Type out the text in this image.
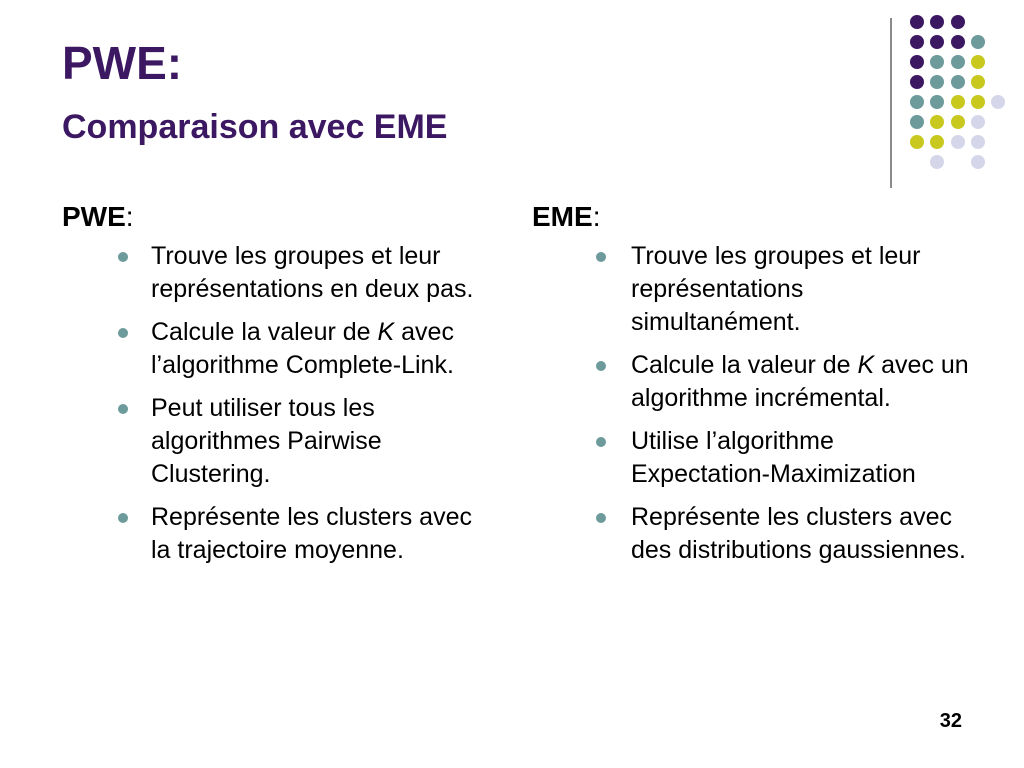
PWE:
Comparaison avec EME

PWE:

Trouve les groupes et leur représentations en deux pas.
Calcule la valeur de K avec l’algorithme Complete-Link.
Peut utiliser tous les algorithmes Pairwise Clustering.
Représente les clusters avec la trajectoire moyenne.

EME:

Trouve les groupes et leur représentations simultanément.
Calcule la valeur de K avec un algorithme incrémental.
Utilise l’algorithme Expectation-Maximization
Représente les clusters avec des distributions gaussiennes.
32
